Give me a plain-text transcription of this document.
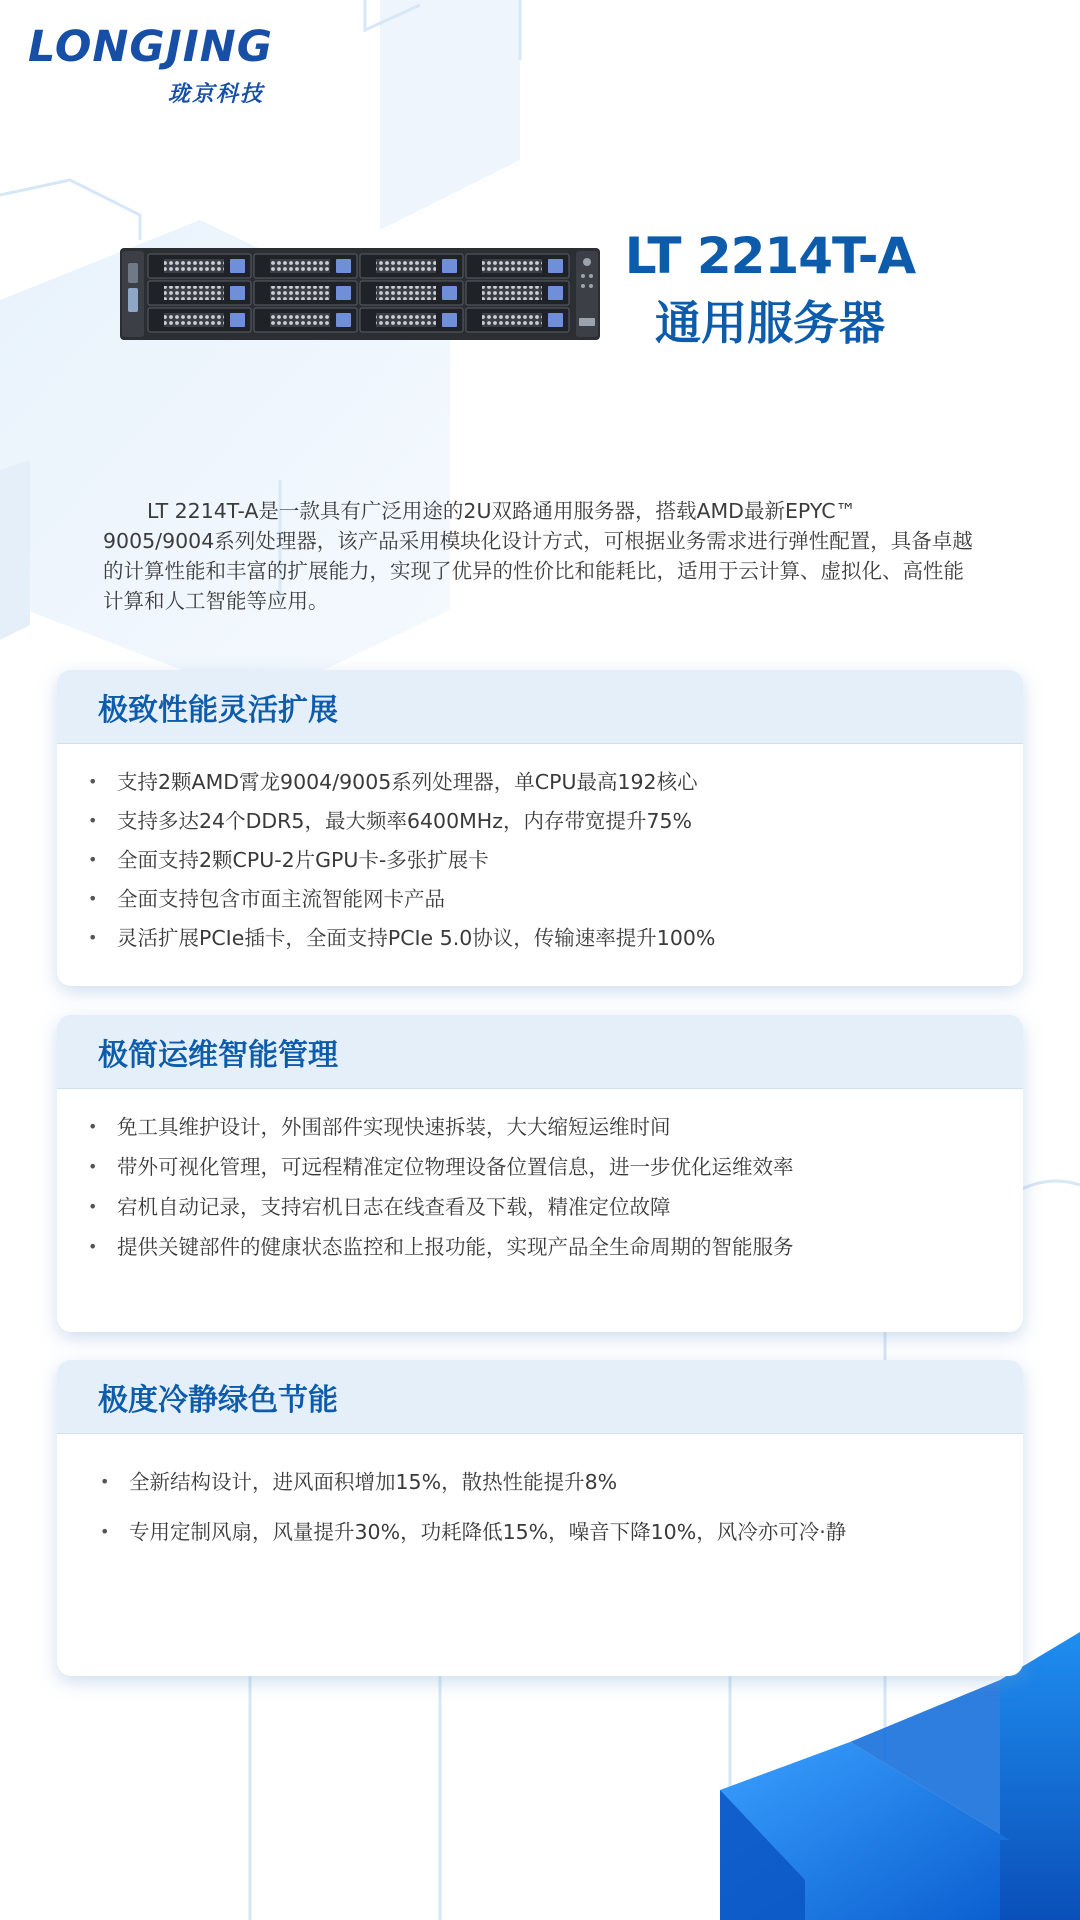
LONGJING
珑京科技
LT 2214T-A
通用服务器

LT 2214T-A是一款具有广泛用途的2U双路通用服务器，搭载AMD最新EPYC™ 9005/9004系列处理器，该产品采用模块化设计方式，可根据业务需求进行弹性配置，具备卓越的计算性能和丰富的扩展能力，实现了优异的性价比和能耗比，适用于云计算、虚拟化、高性能计算和人工智能等应用。

极致性能灵活扩展
• 支持2颗AMD霄龙9004/9005系列处理器，单CPU最高192核心
• 支持多达24个DDR5，最大频率6400MHz，内存带宽提升75%
• 全面支持2颗CPU-2片GPU卡-多张扩展卡
• 全面支持包含市面主流智能网卡产品
• 灵活扩展PCIe插卡，全面支持PCIe 5.0协议，传输速率提升100%
极简运维智能管理
• 免工具维护设计，外围部件实现快速拆装，大大缩短运维时间
• 带外可视化管理，可远程精准定位物理设备位置信息，进一步优化运维效率
• 宕机自动记录，支持宕机日志在线查看及下载，精准定位故障
• 提供关键部件的健康状态监控和上报功能，实现产品全生命周期的智能服务
极度冷静绿色节能
• 全新结构设计，进风面积增加15%，散热性能提升8%
• 专用定制风扇，风量提升30%，功耗降低15%，噪音下降10%，风冷亦可冷·静
